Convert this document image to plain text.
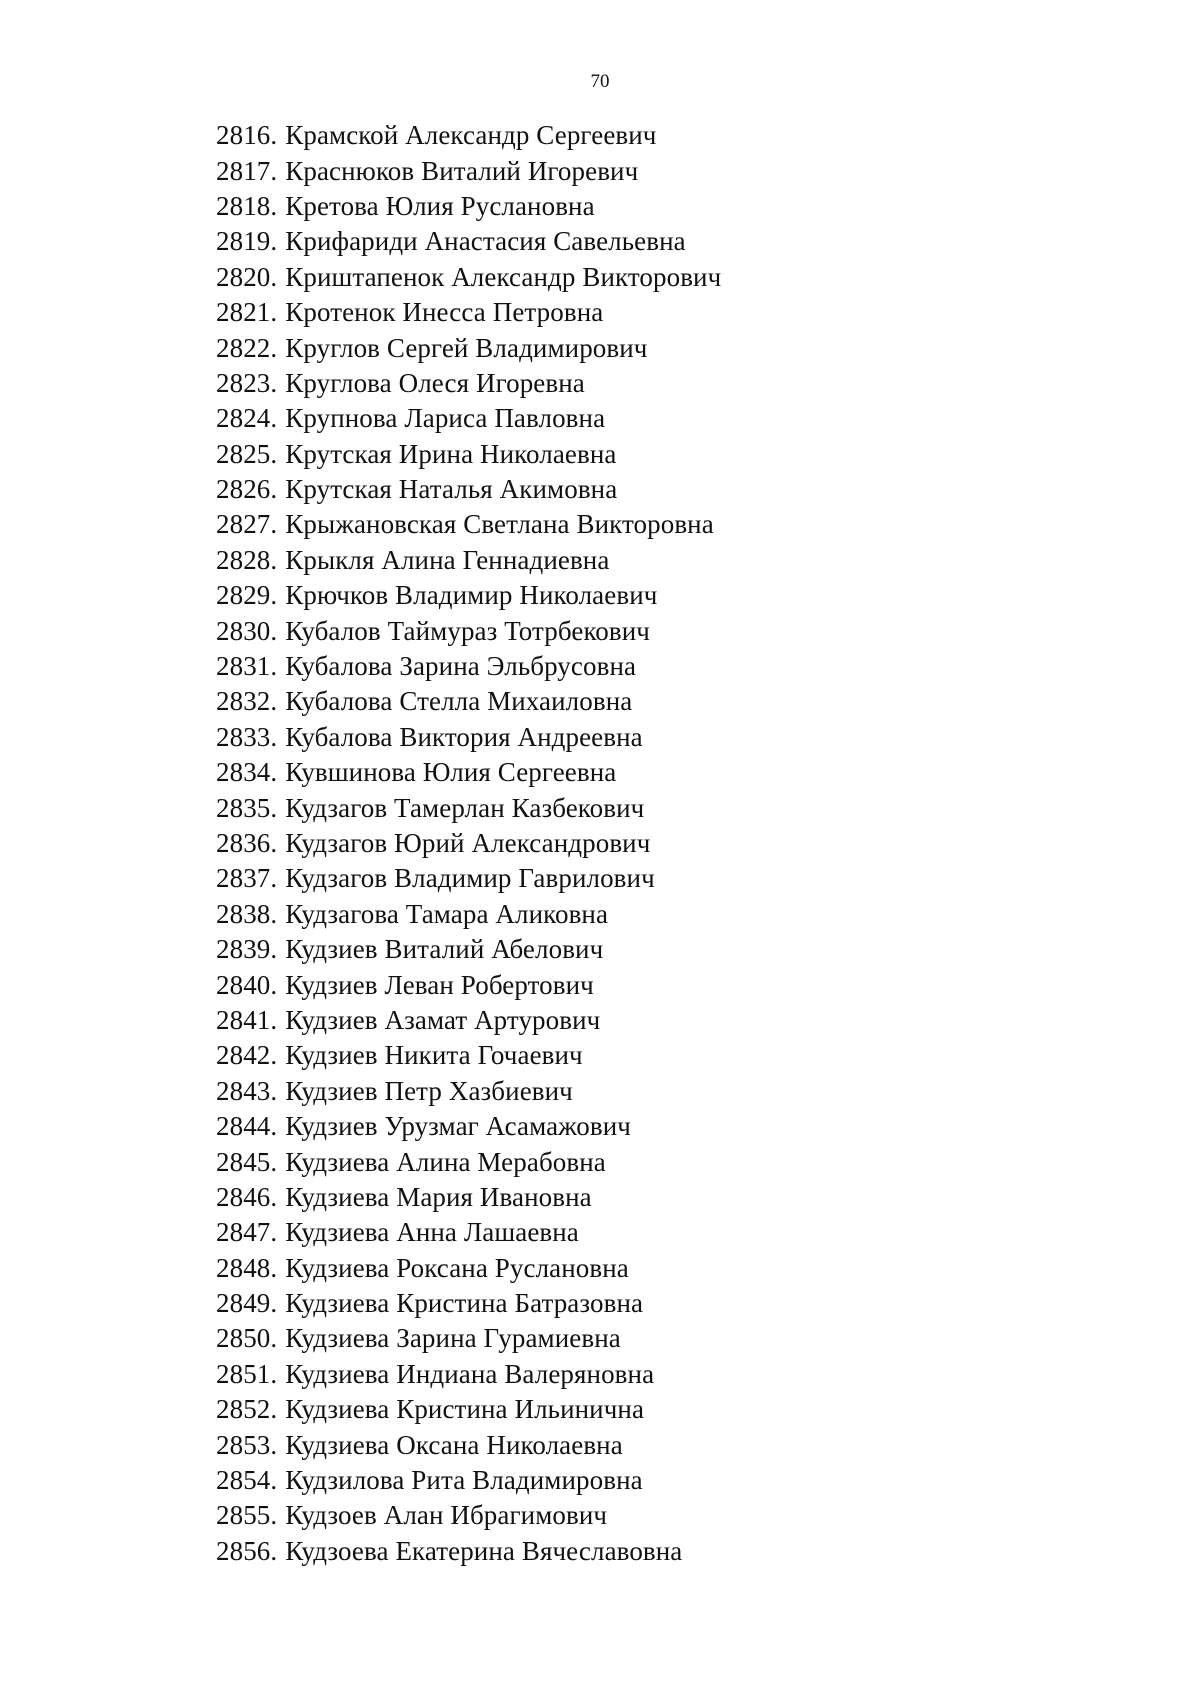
70
2816. Крамской Александр Сергеевич
2817. Краснюков Виталий Игоревич
2818. Кретова Юлия Руслановна
2819. Крифариди Анастасия Савельевна
2820. Криштапенок Александр Викторович
2821. Кротенок Инесса Петровна
2822. Круглов Сергей Владимирович
2823. Круглова Олеся Игоревна
2824. Крупнова Лариса Павловна
2825. Крутская Ирина Николаевна
2826. Крутская Наталья Акимовна
2827. Крыжановская Светлана Викторовна
2828. Крыкля Алина Геннадиевна
2829. Крючков Владимир Николаевич
2830. Кубалов Таймураз Тотрбекович
2831. Кубалова Зарина Эльбрусовна
2832. Кубалова Стелла Михаиловна
2833. Кубалова Виктория Андреевна
2834. Кувшинова Юлия Сергеевна
2835. Кудзагов Тамерлан Казбекович
2836. Кудзагов Юрий Александрович
2837. Кудзагов Владимир Гаврилович
2838. Кудзагова Тамара Аликовна
2839. Кудзиев Виталий Абелович
2840. Кудзиев Леван Робертович
2841. Кудзиев Азамат Артурович
2842. Кудзиев Никита Гочаевич
2843. Кудзиев Петр Хазбиевич
2844. Кудзиев Урузмаг Асамажович
2845. Кудзиева Алина Мерабовна
2846. Кудзиева Мария Ивановна
2847. Кудзиева Анна Лашаевна
2848. Кудзиева Роксана Руслановна
2849. Кудзиева Кристина Батразовна
2850. Кудзиева Зарина Гурамиевна
2851. Кудзиева Индиана Валеряновна
2852. Кудзиева Кристина Ильинична
2853. Кудзиева Оксана Николаевна
2854. Кудзилова Рита Владимировна
2855. Кудзоев Алан Ибрагимович
2856. Кудзоева Екатерина Вячеславовна
